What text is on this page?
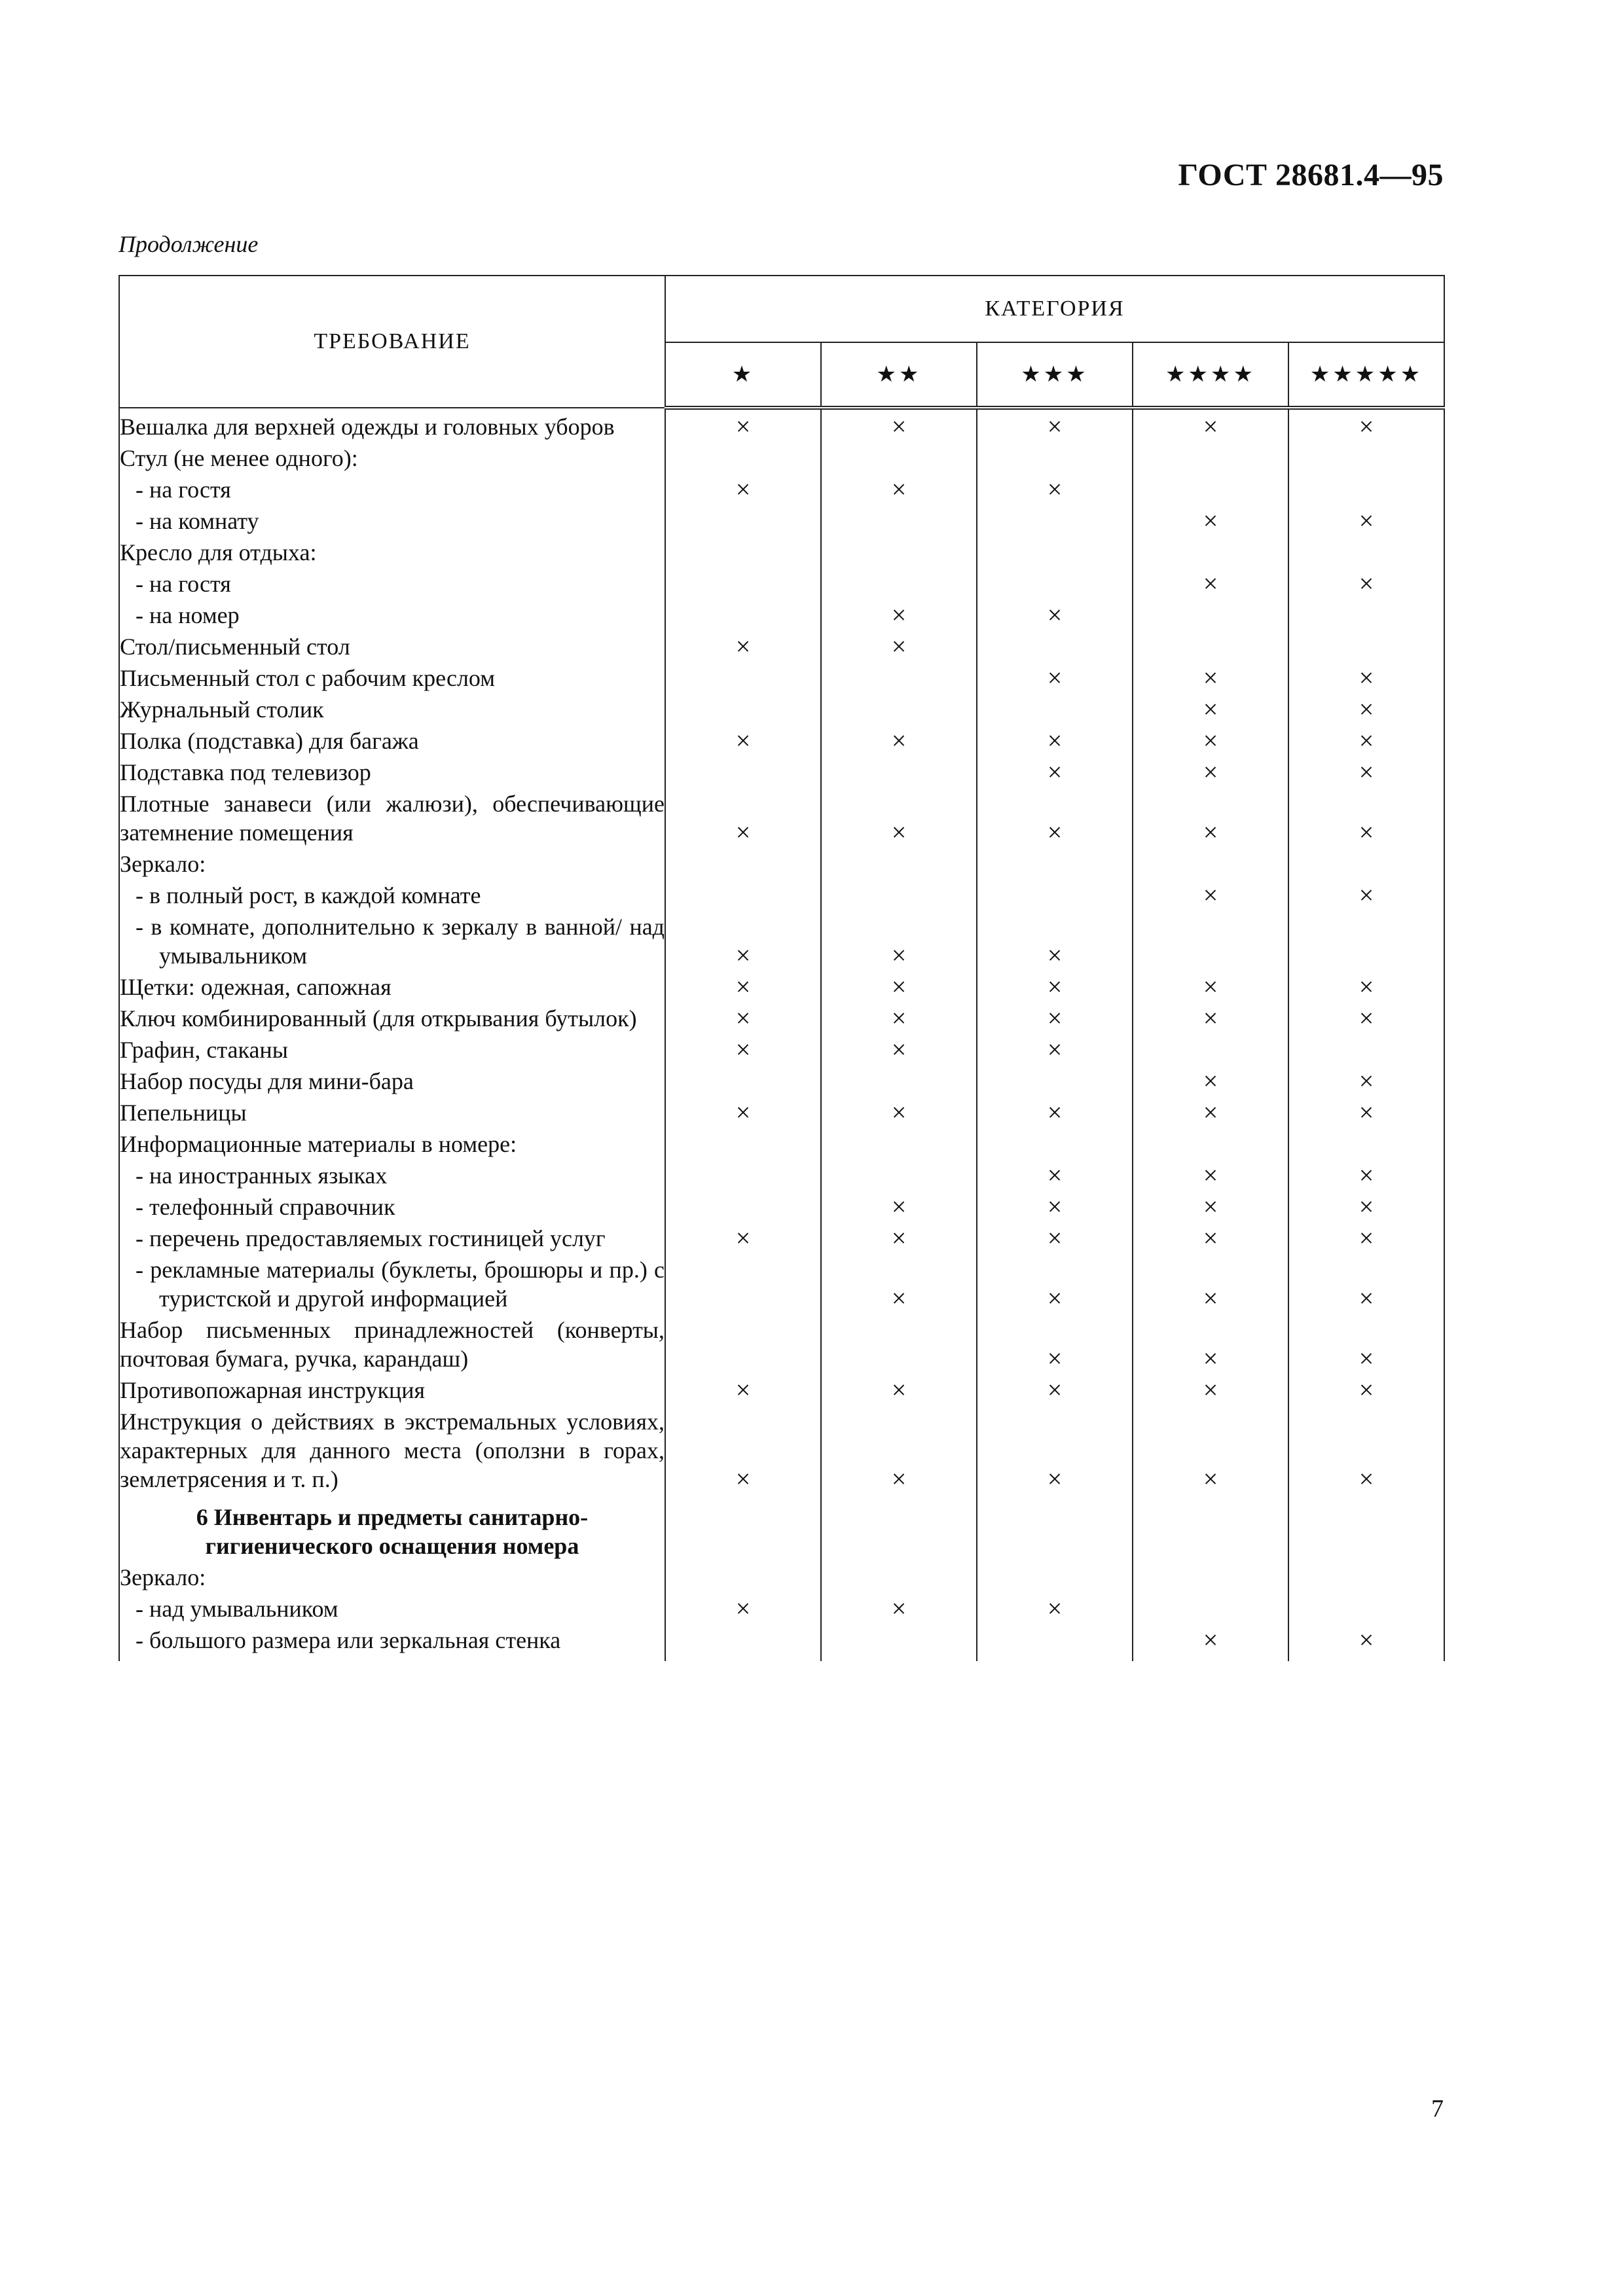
ГОСТ 28681.4—95
Продолжение
ТРЕБОВАНИЕ	КАТЕГОРИЯ				
	★	★★	★★★	★★★★	★★★★★
Вешалка для верхней одежды и головных уборов	×	×	×	×	×
Стул (не менее одного):					
- на гостя	×	×	×		
- на комнату				×	×
Кресло для отдыха:					
- на гостя				×	×
- на номер		×	×		
Стол/письменный стол	×	×			
Письменный стол с рабочим креслом			×	×	×
Журнальный столик				×	×
Полка (подставка) для багажа	×	×	×	×	×
Подставка под телевизор			×	×	×
Плотные занавеси (или жалюзи), обеспечивающие затемнение помещения	×	×	×	×	×
Зеркало:					
- в полный рост, в каждой комнате				×	×
- в комнате, дополнительно к зеркалу в ванной/ над умывальником	×	×	×		
Щетки: одежная, сапожная	×	×	×	×	×
Ключ комбинированный (для открывания бутылок)	×	×	×	×	×
Графин, стаканы	×	×	×		
Набор посуды для мини-бара				×	×
Пепельницы	×	×	×	×	×
Информационные материалы в номере:					
- на иностранных языках			×	×	×
- телефонный справочник		×	×	×	×
- перечень предоставляемых гостиницей услуг	×	×	×	×	×
- рекламные материалы (буклеты, брошюры и пр.) с туристской и другой информацией		×	×	×	×
Набор письменных принадлежностей (конверты, почтовая бумага, ручка, карандаш)			×	×	×
Противопожарная инструкция	×	×	×	×	×
Инструкция о действиях в экстремальных условиях, характерных для данного места (оползни в горах, землетрясения и т. п.)	×	×	×	×	×
6 Инвентарь и предметы санитарно-гигиенического оснащения номера					
Зеркало:					
- над умывальником	×	×	×		
- большого размера или зеркальная стенка				×	×
7
